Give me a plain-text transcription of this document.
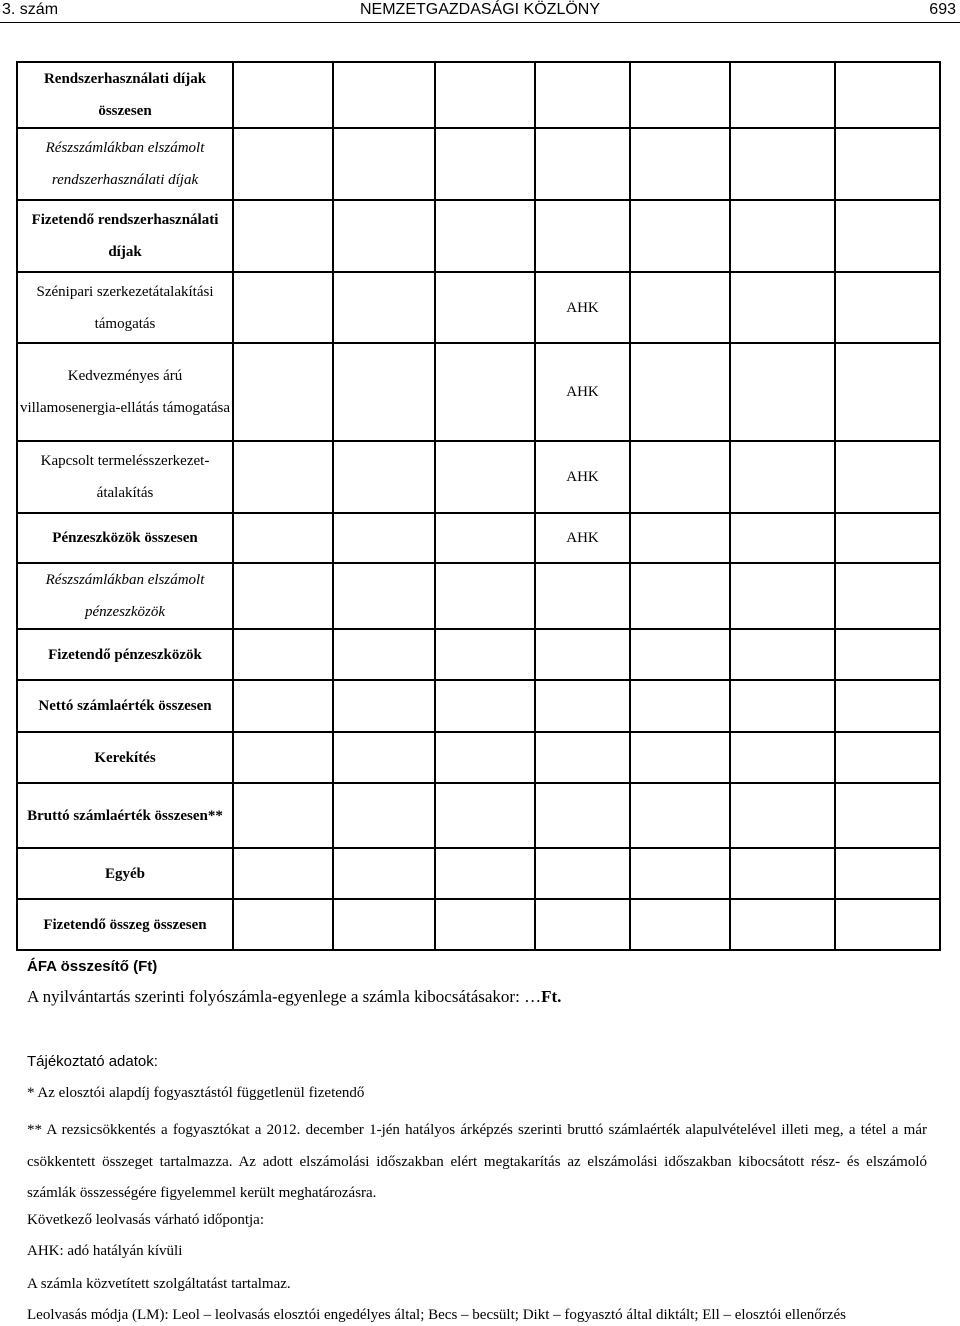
3. szám	NEMZETGAZDASÁGI KÖZLÖNY	693
Rendszerhasználati díjak összesen							
Részszámlákban elszámolt rendszerhasználati díjak							
Fizetendő rendszerhasználati díjak							
Szénipari szerkezetátalakítási támogatás				AHK			
Kedvezményes árú villamosenergia-ellátás támogatása				AHK			
Kapcsolt termelésszerkezet-átalakítás				AHK			
Pénzeszközök összesen				AHK			
Részszámlákban elszámolt pénzeszközök							
Fizetendő pénzeszközök							
Nettó számlaérték összesen							
Kerekítés							
Bruttó számlaérték összesen**							
Egyéb							
Fizetendő összeg összesen							
ÁFA összesítő (Ft)
A nyilvántartás szerinti folyószámla-egyenlege a számla kibocsátásakor: …Ft.
Tájékoztató adatok:
* Az elosztói alapdíj fogyasztástól függetlenül fizetendő
** A rezsicsökkentés a fogyasztókat a 2012. december 1-jén hatályos árképzés szerinti bruttó számlaérték alapulvételével illeti meg, a tétel a már csökkentett összeget tartalmazza. Az adott elszámolási időszakban elért megtakarítás az elszámolási időszakban kibocsátott rész- és elszámoló számlák összességére figyelemmel került meghatározásra.
Következő leolvasás várható időpontja:
AHK: adó hatályán kívüli
A számla közvetített szolgáltatást tartalmaz.
Leolvasás módja (LM): Leol – leolvasás elosztói engedélyes által; Becs – becsült; Dikt – fogyasztó által diktált; Ell – elosztói ellenőrzés
